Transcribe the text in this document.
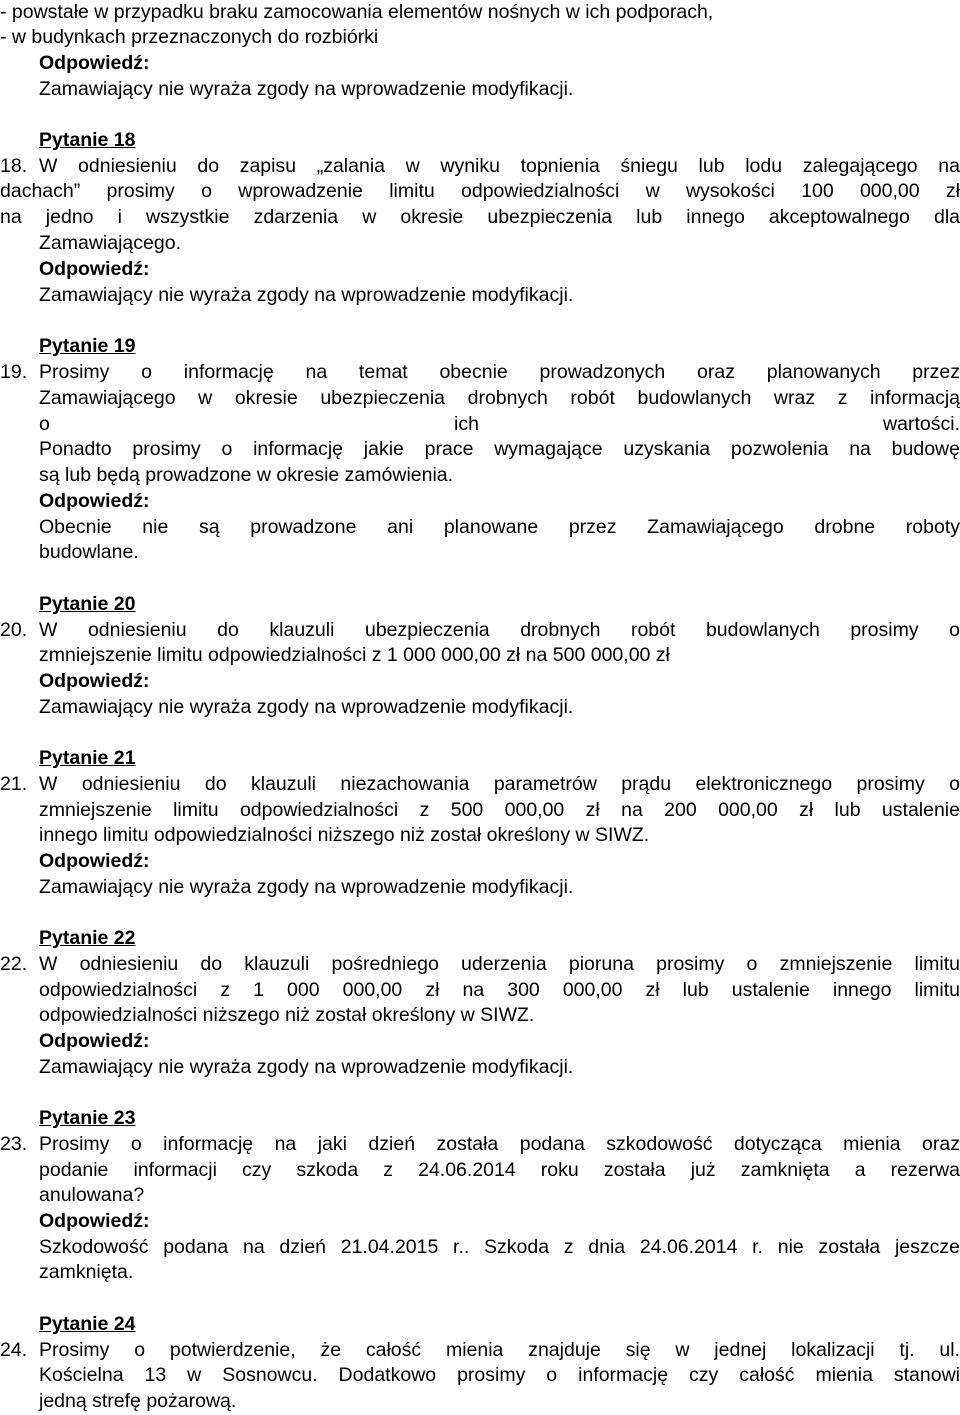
- powstałe w przypadku braku zamocowania elementów nośnych w ich podporach,
- w budynkach przeznaczonych do rozbiórki
Odpowiedź:
Zamawiający nie wyraża zgody na wprowadzenie modyfikacji.
Pytanie 18
18. W odniesieniu do zapisu „zalania w wyniku topnienia śniegu lub lodu zalegającego na
dachach” prosimy o wprowadzenie limitu odpowiedzialności w wysokości 100 000,00 zł
na jedno i wszystkie zdarzenia w okresie ubezpieczenia lub innego akceptowalnego dla
Zamawiającego.
Odpowiedź:
Zamawiający nie wyraża zgody na wprowadzenie modyfikacji.
Pytanie 19
19. Prosimy o informację na temat obecnie prowadzonych oraz planowanych przez
Zamawiającego w okresie ubezpieczenia drobnych robót budowlanych wraz z informacją
o ich wartości.
Ponadto prosimy o informację jakie prace wymagające uzyskania pozwolenia na budowę
są lub będą prowadzone w okresie zamówienia.
Odpowiedź:
Obecnie nie są prowadzone ani planowane przez Zamawiającego drobne roboty
budowlane.
Pytanie 20
20. W odniesieniu do klauzuli ubezpieczenia drobnych robót budowlanych prosimy o
zmniejszenie limitu odpowiedzialności z 1 000 000,00 zł na 500 000,00 zł
Odpowiedź:
Zamawiający nie wyraża zgody na wprowadzenie modyfikacji.
Pytanie 21
21. W odniesieniu do klauzuli niezachowania parametrów prądu elektronicznego prosimy o
zmniejszenie limitu odpowiedzialności z 500 000,00 zł na 200 000,00 zł lub ustalenie
innego limitu odpowiedzialności niższego niż został określony w SIWZ.
Odpowiedź:
Zamawiający nie wyraża zgody na wprowadzenie modyfikacji.
Pytanie 22
22. W odniesieniu do klauzuli pośredniego uderzenia pioruna prosimy o zmniejszenie limitu
odpowiedzialności z 1 000 000,00 zł na 300 000,00 zł lub ustalenie innego limitu
odpowiedzialności niższego niż został określony w SIWZ.
Odpowiedź:
Zamawiający nie wyraża zgody na wprowadzenie modyfikacji.
Pytanie 23
23. Prosimy o informację na jaki dzień została podana szkodowość dotycząca mienia oraz
podanie informacji czy szkoda z 24.06.2014 roku została już zamknięta a rezerwa
anulowana?
Odpowiedź:
Szkodowość podana na dzień 21.04.2015 r.. Szkoda z dnia 24.06.2014 r. nie została jeszcze
zamknięta.
Pytanie 24
24. Prosimy o potwierdzenie, że całość mienia znajduje się w jednej lokalizacji tj. ul.
Kościelna 13 w Sosnowcu. Dodatkowo prosimy o informację czy całość mienia stanowi
jedną strefę pożarową.
